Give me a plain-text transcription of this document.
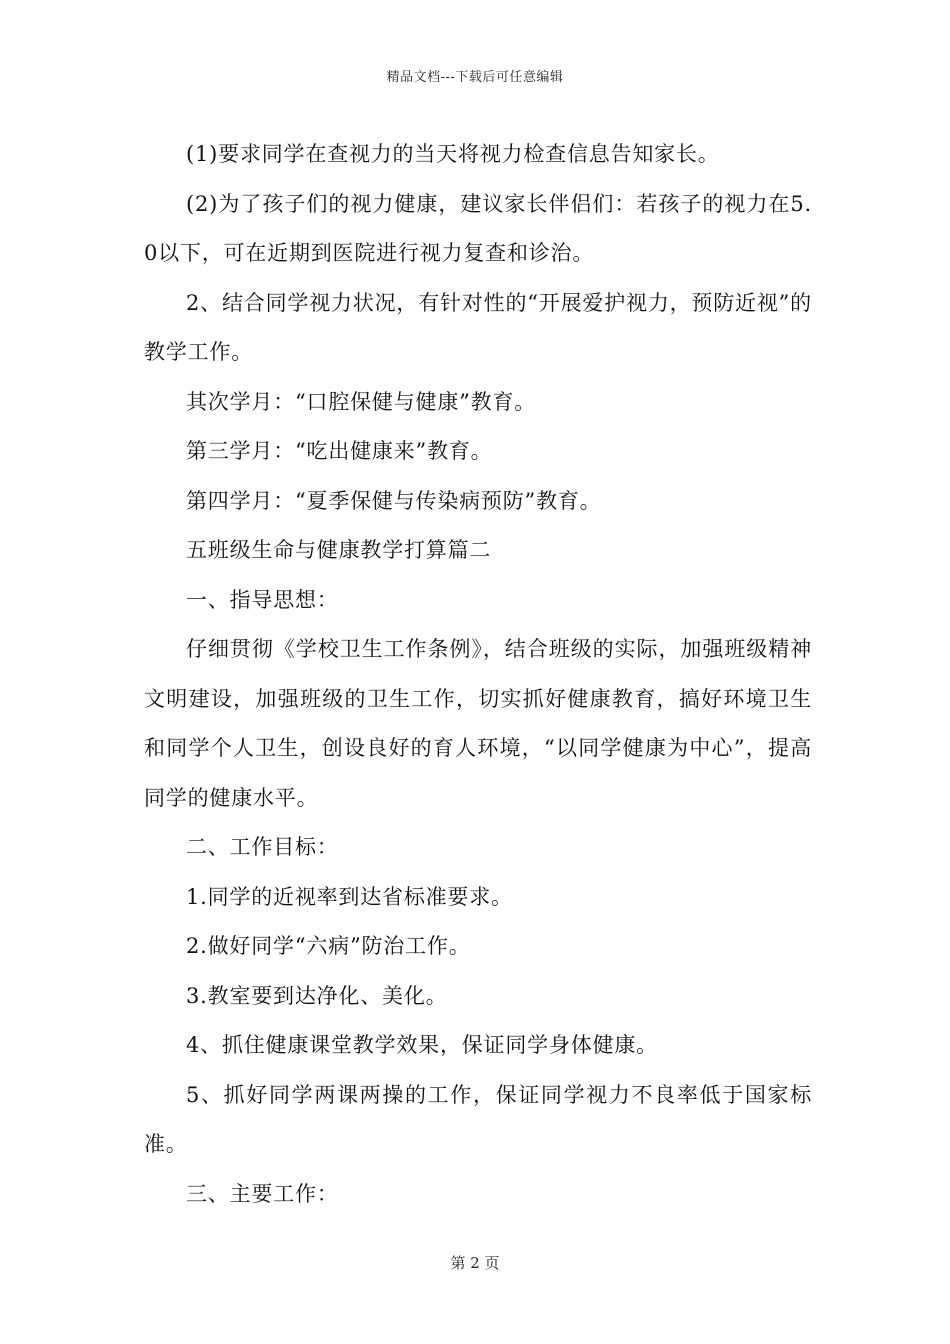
精品文档---下载后可任意编辑

(1)要求同学在查视力的当天将视力检查信息告知家长。

(2)为了孩子们的视力健康，建议家长伴侣们：若孩子的视力在5.0以下，可在近期到医院进行视力复查和诊治。

2、结合同学视力状况，有针对性的“开展爱护视力，预防近视”的教学工作。

其次学月：“口腔保健与健康”教育。

第三学月：“吃出健康来”教育。

第四学月：“夏季保健与传染病预防”教育。

五班级生命与健康教学打算篇二

一、指导思想：

仔细贯彻《学校卫生工作条例》，结合班级的实际，加强班级精神文明建设，加强班级的卫生工作，切实抓好健康教育，搞好环境卫生和同学个人卫生，创设良好的育人环境，“以同学健康为中心”，提高同学的健康水平。

二、工作目标：

1.同学的近视率到达省标准要求。

2.做好同学“六病”防治工作。

3.教室要到达净化、美化。

4、抓住健康课堂教学效果，保证同学身体健康。

5、抓好同学两课两操的工作，保证同学视力不良率低于国家标准。

三、主要工作：

第 2 页
